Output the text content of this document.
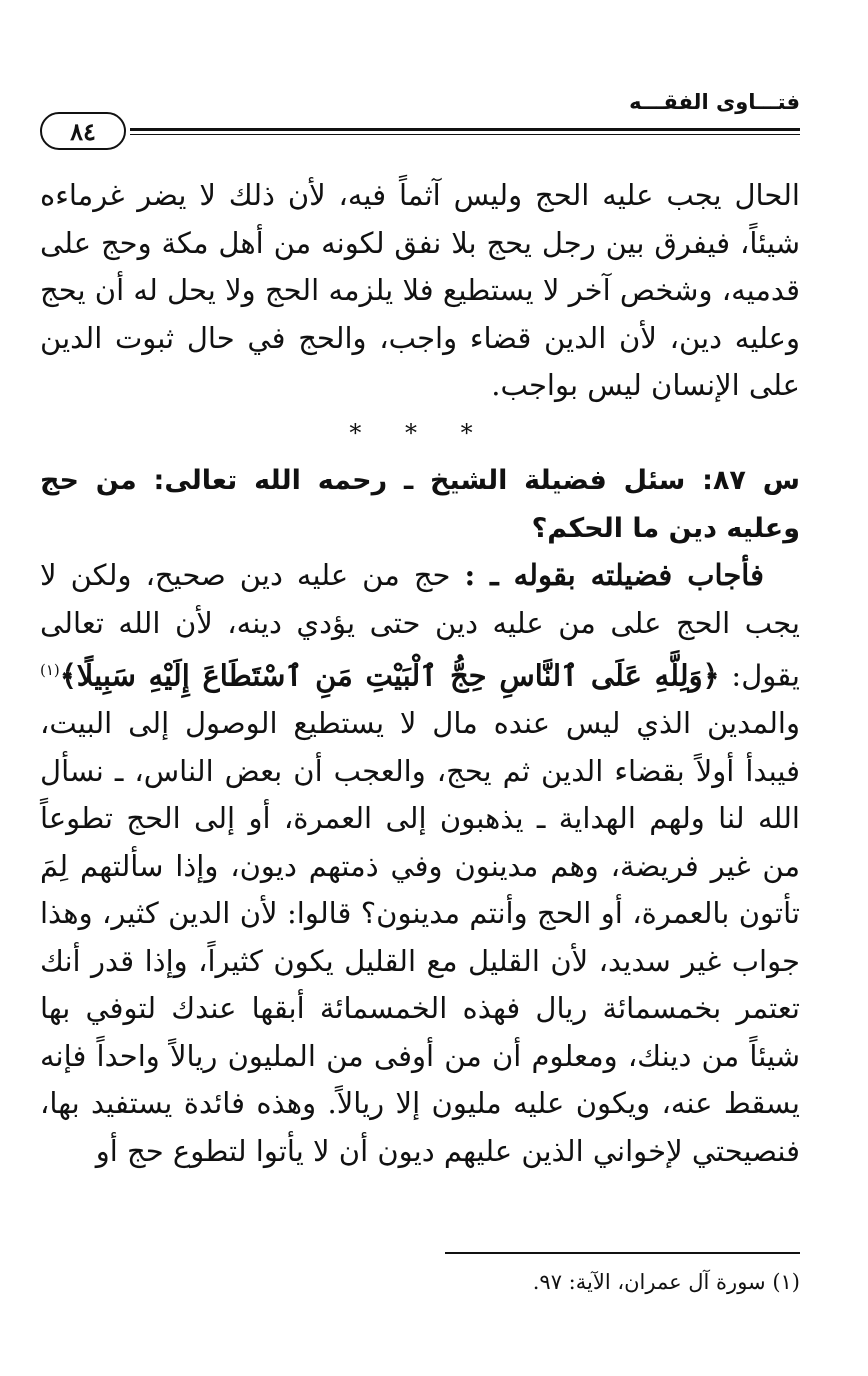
فتـــاوى الفقـــه
٨٤

الحال يجب عليه الحج وليس آثماً فيه، لأن ذلك لا يضر غرماءه شيئاً، فيفرق بين رجل يحج بلا نفق لكونه من أهل مكة وحج على قدميه، وشخص آخر لا يستطيع فلا يلزمه الحج ولا يحل له أن يحج وعليه دين، لأن الدين قضاء واجب، والحج في حال ثبوت الدين على الإنسان ليس بواجب.

* * *

س ٨٧: سئل فضيلة الشيخ ـ رحمه الله تعالى: من حج وعليه دين ما الحكم؟

فأجاب فضيلته بقوله ـ : حج من عليه دين صحيح، ولكن لا يجب الحج على من عليه دين حتى يؤدي دينه، لأن الله تعالى يقول: ﴿وَلِلَّهِ عَلَى ٱلنَّاسِ حِجُّ ٱلْبَيْتِ مَنِ ٱسْتَطَاعَ إِلَيْهِ سَبِيلًا﴾$^{(١)}$ والمدين الذي ليس عنده مال لا يستطيع الوصول إلى البيت، فيبدأ أولاً بقضاء الدين ثم يحج، والعجب أن بعض الناس، ـ نسأل الله لنا ولهم الهداية ـ يذهبون إلى العمرة، أو إلى الحج تطوعاً من غير فريضة، وهم مدينون وفي ذمتهم ديون، وإذا سألتهم لِمَ تأتون بالعمرة، أو الحج وأنتم مدينون؟ قالوا: لأن الدين كثير، وهذا جواب غير سديد، لأن القليل مع القليل يكون كثيراً، وإذا قدر أنك تعتمر بخمسمائة ريال فهذه الخمسمائة أبقها عندك لتوفي بها شيئاً من دينك، ومعلوم أن من أوفى من المليون ريالاً واحداً فإنه يسقط عنه، ويكون عليه مليون إلا ريالاً. وهذه فائدة يستفيد بها، فنصيحتي لإخواني الذين عليهم ديون أن لا يأتوا لتطوع حج أو

(١) سورة آل عمران، الآية: ٩٧.
